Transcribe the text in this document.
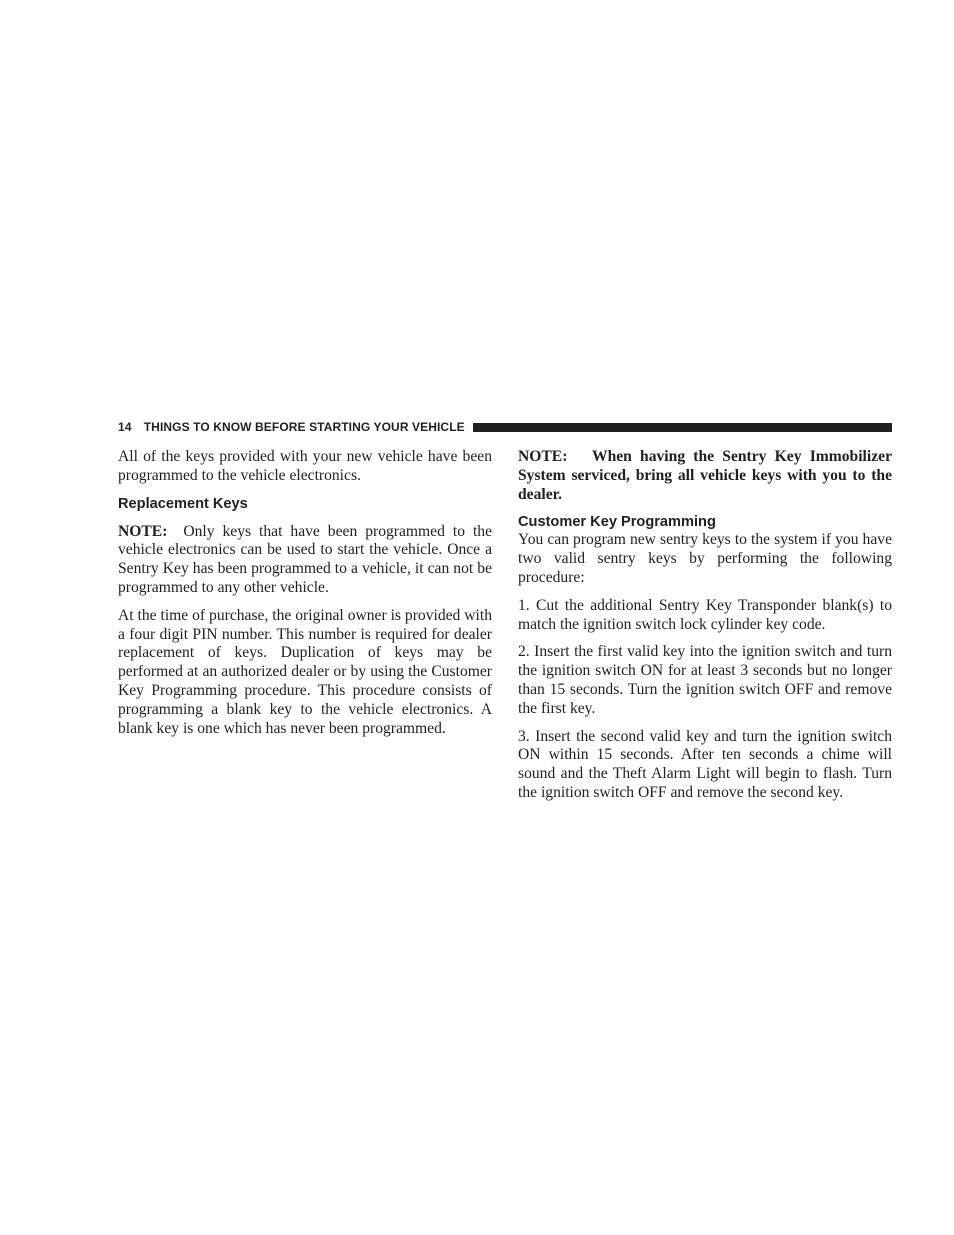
14 THINGS TO KNOW BEFORE STARTING YOUR VEHICLE

All of the keys provided with your new vehicle have been programmed to the vehicle electronics.

Replacement Keys

NOTE: Only keys that have been programmed to the vehicle electronics can be used to start the vehicle. Once a Sentry Key has been programmed to a vehicle, it can not be programmed to any other vehicle.

At the time of purchase, the original owner is provided with a four digit PIN number. This number is required for dealer replacement of keys. Duplication of keys may be performed at an authorized dealer or by using the Customer Key Programming procedure. This procedure consists of programming a blank key to the vehicle electronics. A blank key is one which has never been programmed.

NOTE: When having the Sentry Key Immobilizer System serviced, bring all vehicle keys with you to the dealer.

Customer Key Programming

You can program new sentry keys to the system if you have two valid sentry keys by performing the following procedure:

1. Cut the additional Sentry Key Transponder blank(s) to match the ignition switch lock cylinder key code.

2. Insert the first valid key into the ignition switch and turn the ignition switch ON for at least 3 seconds but no longer than 15 seconds. Turn the ignition switch OFF and remove the first key.

3. Insert the second valid key and turn the ignition switch ON within 15 seconds. After ten seconds a chime will sound and the Theft Alarm Light will begin to flash. Turn the ignition switch OFF and remove the second key.
